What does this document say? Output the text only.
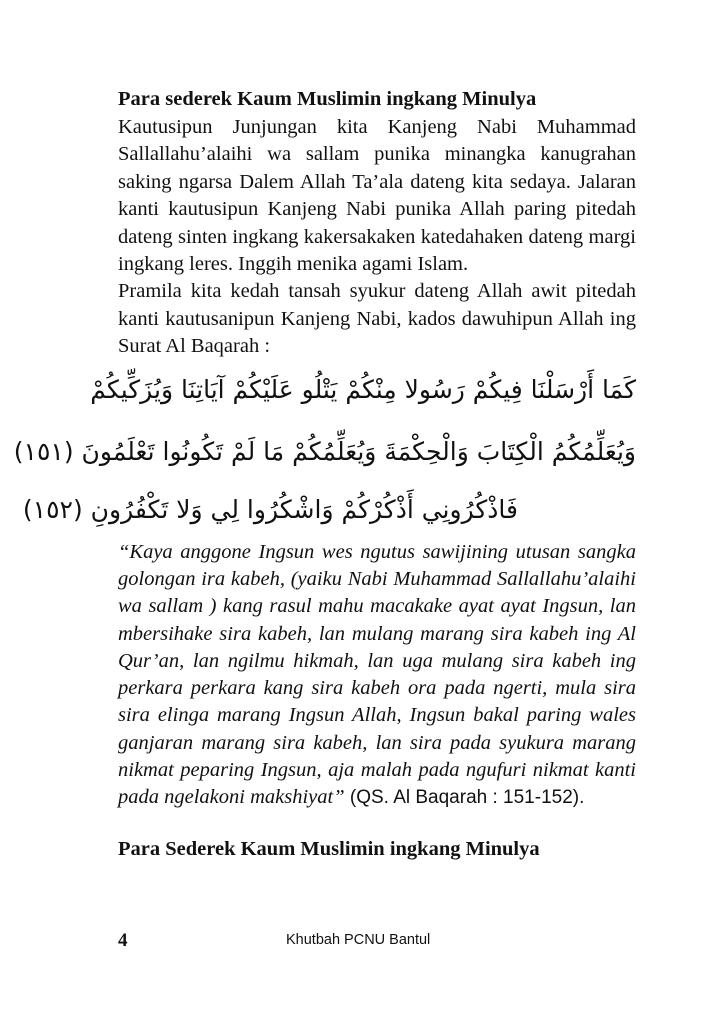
Para sederek Kaum Muslimin ingkang Minulya

Kautusipun Junjungan kita Kanjeng Nabi Muhammad Sallallahu’alaihi wa sallam punika minangka kanugrahan saking ngarsa Dalem Allah Ta’ala dateng kita sedaya. Jalaran kanti kautusipun Kanjeng Nabi punika Allah paring pitedah dateng sinten ingkang kakersakaken katedahaken dateng margi ingkang leres. Inggih menika agami Islam.

Pramila kita kedah tansah syukur dateng Allah awit pitedah kanti kautusanipun Kanjeng Nabi, kados dawuhipun Allah ing Surat Al Baqarah :

كَمَا أَرْسَلْنَا فِيكُمْ رَسُولا مِنْكُمْ يَتْلُو عَلَيْكُمْ آيَاتِنَا وَيُزَكِّيكُمْ

وَيُعَلِّمُكُمُ الْكِتَابَ وَالْحِكْمَةَ وَيُعَلِّمُكُمْ مَا لَمْ تَكُونُوا تَعْلَمُونَ (١٥١)

فَاذْكُرُونِي أَذْكُرْكُمْ وَاشْكُرُوا لِي وَلا تَكْفُرُونِ (١٥٢)

“Kaya anggone Ingsun wes ngutus sawijining utusan sangka golongan ira kabeh, (yaiku Nabi Muhammad Sallallahu’alaihi wa sallam ) kang rasul mahu macakake ayat ayat Ingsun, lan mbersihake sira kabeh, lan mulang marang sira kabeh ing Al Qur’an, lan ngilmu hikmah, lan uga mulang sira kabeh ing perkara perkara kang sira kabeh ora pada ngerti, mula sira sira elinga marang Ingsun Allah, Ingsun bakal paring wales ganjaran marang sira kabeh, lan sira pada syukura marang nikmat peparing Ingsun, aja malah pada ngufuri nikmat kanti pada ngelakoni makshiyat” (QS. Al Baqarah : 151-152).

Para Sederek Kaum Muslimin ingkang Minulya

4	Khutbah PCNU Bantul
